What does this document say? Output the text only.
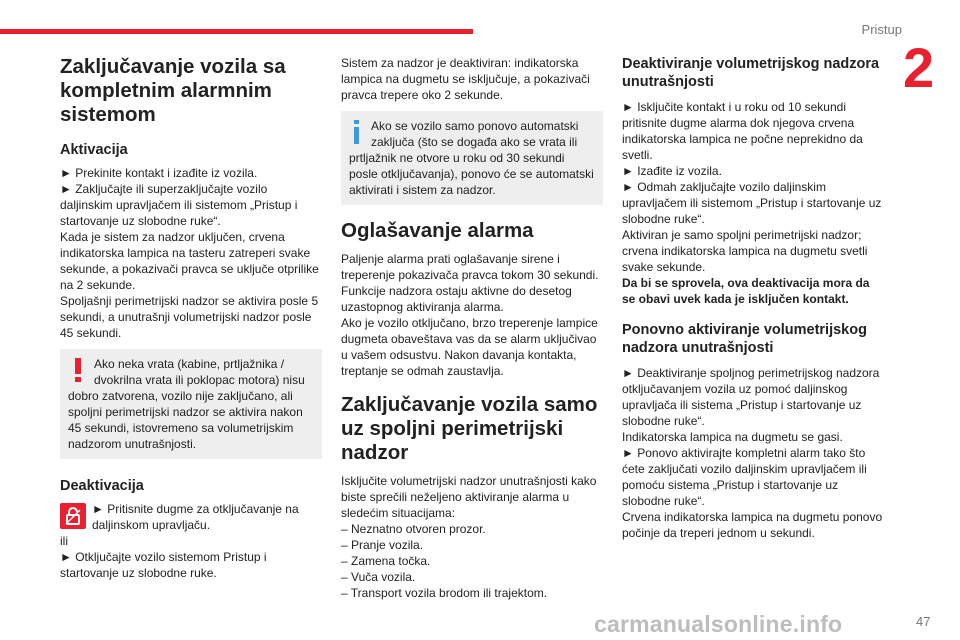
Pristup
2
Zaključavanje vozila sa kompletnim alarmnim sistemom
Aktivacija

► Prekinite kontakt i izađite iz vozila.

► Zaključajte ili superzaključajte vozilo daljinskim upravljačem ili sistemom „Pristup i startovanje uz slobodne ruke“.

Kada je sistem za nadzor uključen, crvena indikatorska lampica na tasteru zatreperi svake sekunde, a pokazivači pravca se uključe otprilike na 2 sekunde.

Spoljašnji perimetrijski nadzor se aktivira posle 5 sekundi, a unutrašnji volumetrijski nadzor posle 45 sekundi.

Ako neka vrata (kabine, prtljažnika / dvokrilna vrata ili poklopac motora) nisu dobro zatvorena, vozilo nije zaključano, ali spoljni perimetrijski nadzor se aktivira nakon 45 sekundi, istovremeno sa volumetrijskim nadzorom unutrašnjosti.

Deaktivacija

► Pritisnite dugme za otključavanje na daljinskom upravljaču.

ili

► Otključajte vozilo sistemom Pristup i startovanje uz slobodne ruke.

Sistem za nadzor je deaktiviran: indikatorska lampica na dugmetu se isključuje, a pokazivači pravca trepere oko 2 sekunde.

Ako se vozilo samo ponovo automatski zaključa (što se događa ako se vrata ili prtljažnik ne otvore u roku od 30 sekundi posle otključavanja), ponovo će se automatski aktivirati i sistem za nadzor.

Oglašavanje alarma

Paljenje alarma prati oglašavanje sirene i treperenje pokazivača pravca tokom 30 sekundi.

Funkcije nadzora ostaju aktivne do desetog uzastopnog aktiviranja alarma.

Ako je vozilo otključano, brzo treperenje lampice dugmeta obaveštava vas da se alarm uključivao u vašem odsustvu. Nakon davanja kontakta, treptanje se odmah zaustavlja.

Zaključavanje vozila samo uz spoljni perimetrijski nadzor

Isključite volumetrijski nadzor unutrašnjosti kako biste sprečili neželjeno aktiviranje alarma u sledećim situacijama:

– Neznatno otvoren prozor.

– Pranje vozila.

– Zamena točka.

– Vuča vozila.

– Transport vozila brodom ili trajektom.

Deaktiviranje volumetrijskog nadzora unutrašnjosti

► Isključite kontakt i u roku od 10 sekundi pritisnite dugme alarma dok njegova crvena indikatorska lampica ne počne neprekidno da svetli.

► Izađite iz vozila.

► Odmah zaključajte vozilo daljinskim upravljačem ili sistemom „Pristup i startovanje uz slobodne ruke“.

Aktiviran je samo spoljni perimetrijski nadzor; crvena indikatorska lampica na dugmetu svetli svake sekunde.

Da bi se sprovela, ova deaktivacija mora da se obavi uvek kada je isključen kontakt.

Ponovno aktiviranje volumetrijskog nadzora unutrašnjosti

► Deaktiviranje spoljnog perimetrijskog nadzora otključavanjem vozila uz pomoć daljinskog upravljača ili sistema „Pristup i startovanje uz slobodne ruke“.

Indikatorska lampica na dugmetu se gasi.

► Ponovo aktivirajte kompletni alarm tako što ćete zaključati vozilo daljinskim upravljačem ili pomoću sistema „Pristup i startovanje uz slobodne ruke“.

Crvena indikatorska lampica na dugmetu ponovo počinje da treperi jednom u sekundi.

carmanualsonline.info	47
